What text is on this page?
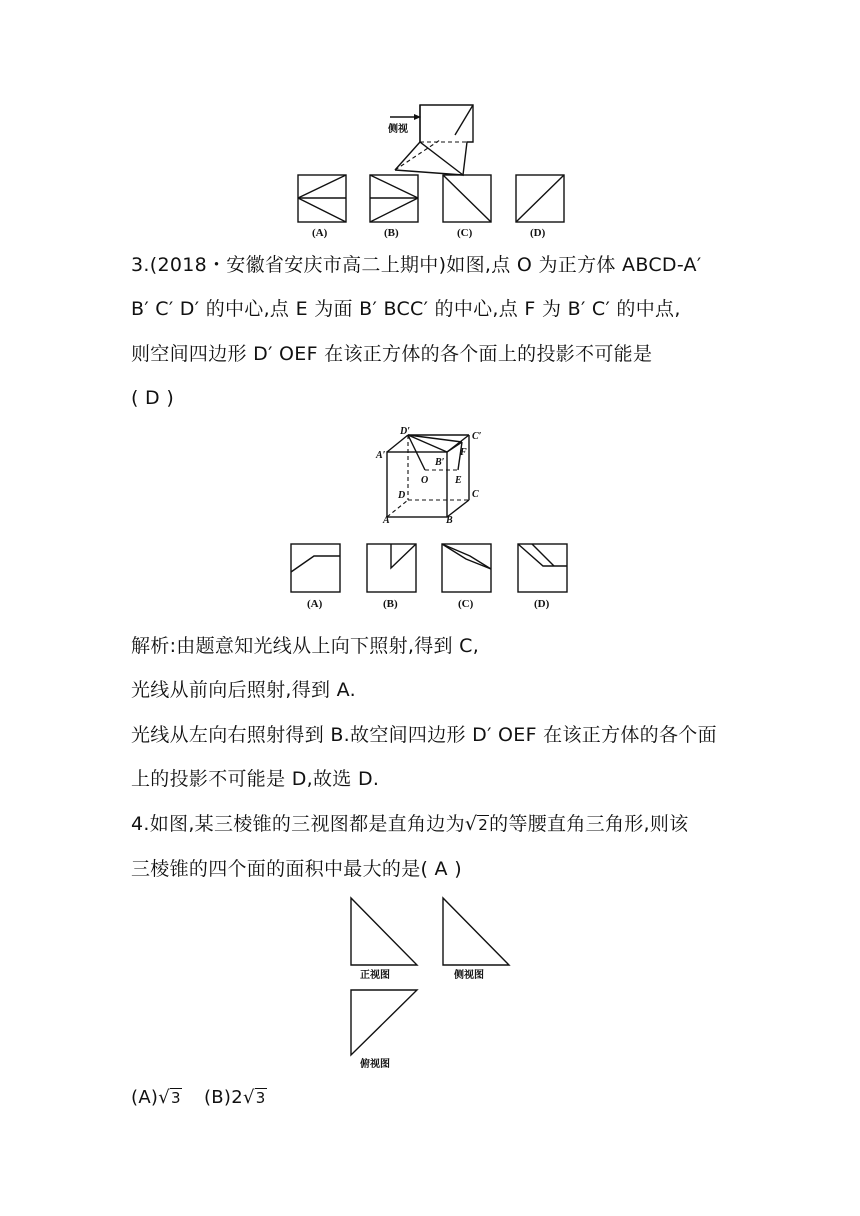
侧视
(A)	(B)	(C)	(D)
3.(2018・安徽省安庆市高二上期中)如图,点 O 为正方体 ABCD-A′
B′ C′ D′ 的中心,点 E 为面 B′ BCC′ 的中心,点 F 为 B′ C′ 的中点,
则空间四边形 D′ OEF 在该正方体的各个面上的投影不可能是
( D )
D′	C′
A′
B′
F
O	E
D	C
A	B
(A)	(B)	(C)	(D)
解析:由题意知光线从上向下照射,得到 C,
光线从前向后照射,得到 A.
光线从左向右照射得到 B.故空间四边形 D′ OEF 在该正方体的各个面
上的投影不可能是 D,故选 D.
4.如图,某三棱锥的三视图都是直角边为√2的等腰直角三角形,则该
三棱锥的四个面的面积中最大的是( A )
正视图	侧视图
俯视图
(A)√3 (B)2√3
